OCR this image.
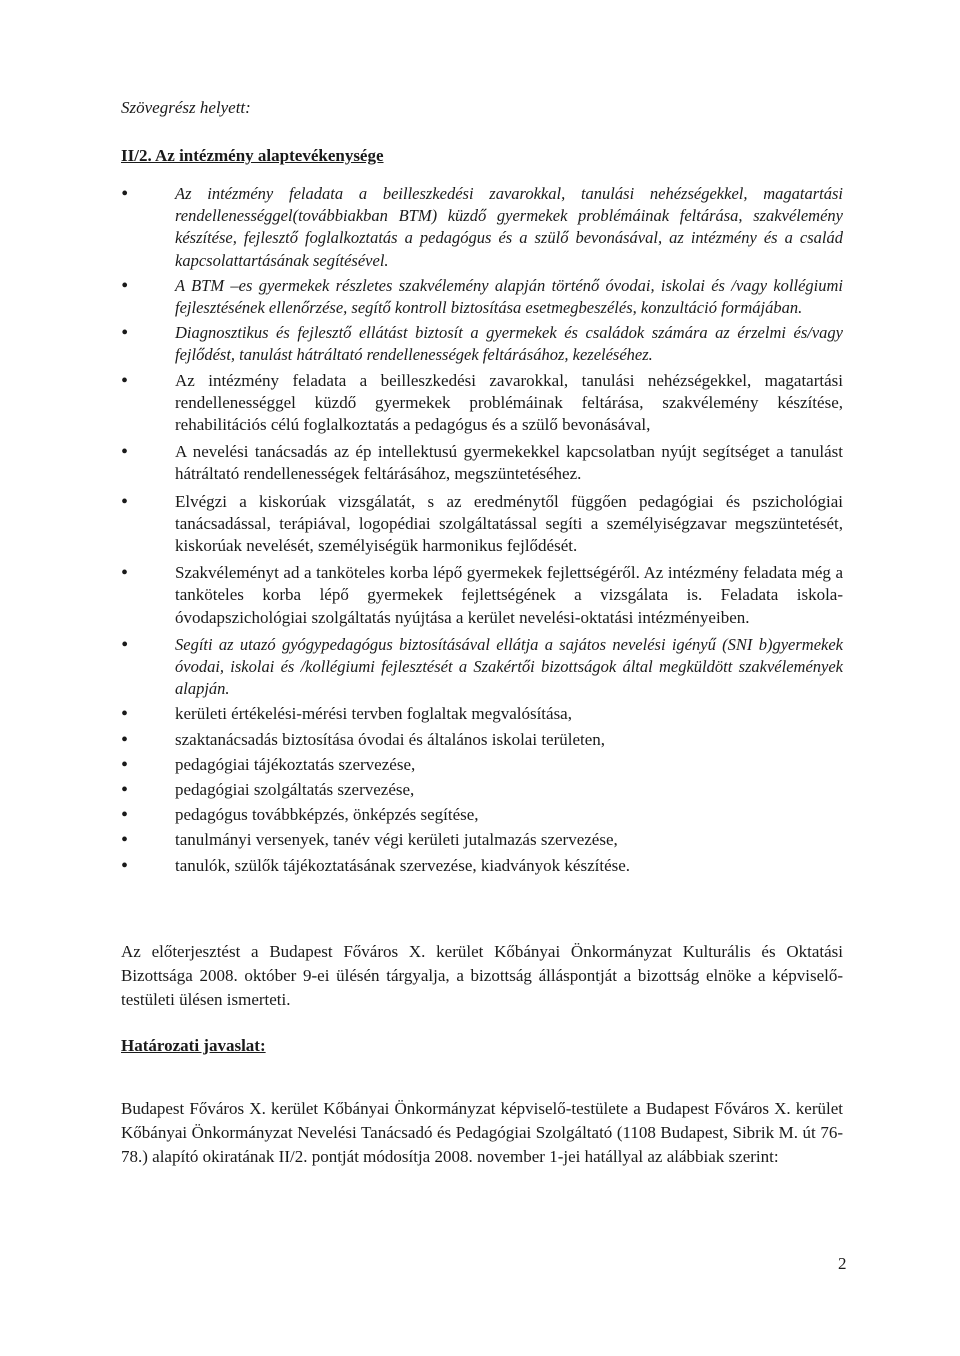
Szövegrész helyett:
II/2. Az intézmény alaptevékenysége
• Az intézmény feladata a beilleszkedési zavarokkal, tanulási nehézségekkel, magatartási rendellenességgel(továbbiakban BTM) küzdő gyermekek problémáinak feltárása, szakvélemény készítése, fejlesztő foglalkoztatás a pedagógus és a szülő bevonásával, az intézmény és a család kapcsolattartásának segítésével.
• A BTM –es gyermekek részletes szakvélemény alapján történő óvodai, iskolai és /vagy kollégiumi fejlesztésének ellenőrzése, segítő kontroll biztosítása esetmegbeszélés, konzultáció formájában.
• Diagnosztikus és fejlesztő ellátást biztosít a gyermekek és családok számára az érzelmi és/vagy fejlődést, tanulást hátráltató rendellenességek feltárásához, kezeléséhez.
• Az intézmény feladata a beilleszkedési zavarokkal, tanulási nehézségekkel, magatartási rendellenességgel küzdő gyermekek problémáinak feltárása, szakvélemény készítése, rehabilitációs célú foglalkoztatás a pedagógus és a szülő bevonásával,
• A nevelési tanácsadás az ép intellektusú gyermekekkel kapcsolatban nyújt segítséget a tanulást hátráltató rendellenességek feltárásához, megszüntetéséhez.
• Elvégzi a kiskorúak vizsgálatát, s az eredménytől függően pedagógiai és pszichológiai tanácsadással, terápiával, logopédiai szolgáltatással segíti a személyiségzavar megszüntetését, kiskorúak nevelését, személyiségük harmonikus fejlődését.
• Szakvéleményt ad a tanköteles korba lépő gyermekek fejlettségéről. Az intézmény feladata még a tanköteles korba lépő gyermekek fejlettségének a vizsgálata is. Feladata iskola-óvodapszichológiai szolgáltatás nyújtása a kerület nevelési-oktatási intézményeiben.
• Segíti az utazó gyógypedagógus biztosításával ellátja a sajátos nevelési igényű (SNI b)gyermekek óvodai, iskolai és /kollégiumi fejlesztését a Szakértői bizottságok által megküldött szakvélemények alapján.
• kerületi értékelési-mérési tervben foglaltak megvalósítása,
• szaktanácsadás biztosítása óvodai és általános iskolai területen,
• pedagógiai tájékoztatás szervezése,
• pedagógiai szolgáltatás szervezése,
• pedagógus továbbképzés, önképzés segítése,
• tanulmányi versenyek, tanév végi kerületi jutalmazás szervezése,
• tanulók, szülők tájékoztatásának szervezése, kiadványok készítése.
Az előterjesztést a Budapest Főváros X. kerület Kőbányai Önkormányzat Kulturális és Oktatási Bizottsága 2008. október 9-ei ülésén tárgyalja, a bizottság álláspontját a bizottság elnöke a képviselő-testületi ülésen ismerteti.
Határozati javaslat:
Budapest Főváros X. kerület Kőbányai Önkormányzat képviselő-testülete a Budapest Főváros X. kerület Kőbányai Önkormányzat Nevelési Tanácsadó és Pedagógiai Szolgáltató (1108 Budapest, Sibrik M. út 76-78.) alapító okiratának II/2. pontját módosítja 2008. november 1-jei hatállyal az alábbiak szerint:
2
